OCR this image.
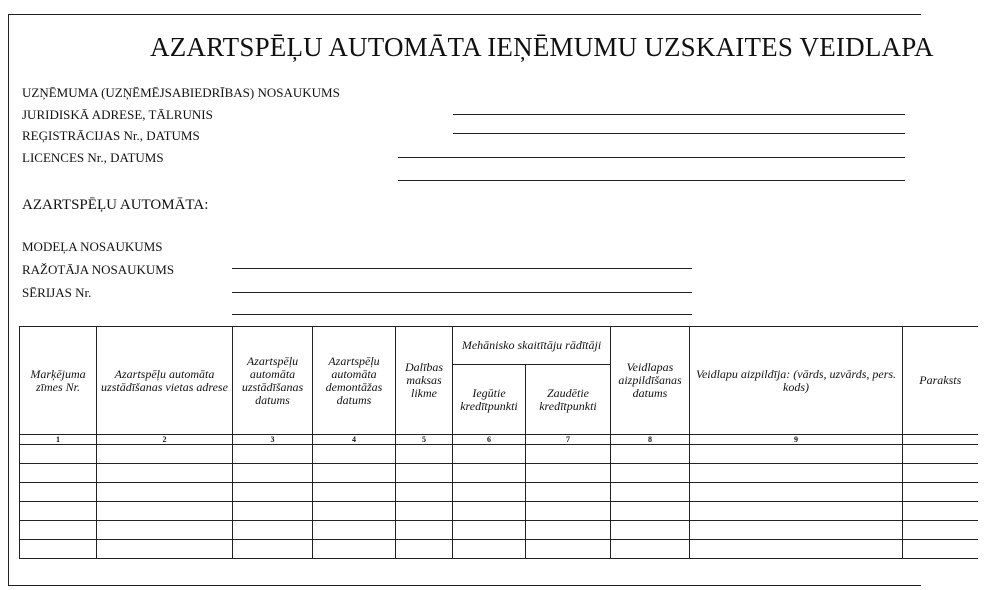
AZARTSPĒĻU AUTOMĀTA IEŅĒMUMU UZSKAITES VEIDLAPA
UZŅĒMUMA (UZŅĒMĒJSABIEDRĪBAS) NOSAUKUMS
JURIDISKĀ ADRESE, TĀLRUNIS
REĢISTRĀCIJAS Nr., DATUMS
LICENCES Nr., DATUMS
AZARTSPĒĻU AUTOMĀTA:
MODEĻA NOSAUKUMS
RAŽOTĀJA NOSAUKUMS
SĒRIJAS Nr.
Marķējuma zīmes Nr.	Azartspēļu automāta uzstādīšanas vietas adrese	Azartspēļu automāta uzstādīšanas datums	Azartspēļu automāta demontāžas datums	Dalības maksas likme	Mehānisko skaitītāju rādītāji		Veidlapas aizpildīšanas datums	Veidlapu aizpildīja: (vārds, uzvārds, pers. kods)	Paraksts
					Iegūtie kredītpunkti	Zaudētie kredītpunkti			
1	2	3	4	5	6	7	8	9	
